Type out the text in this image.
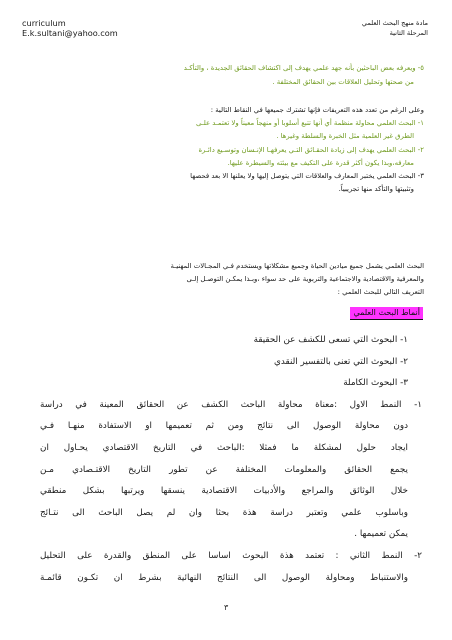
curriculum
E.k.sultani@yahoo.com
مادة منهج البحث العلمي
المرحلة الثانية
٥- ويعرفه بعض الباحثين بأنه جهد علمي يهدف إلى اكتشاف الحقائق الجديدة ، والتأكـد
من صحتها وتحليل العلاقات بين الحقائق المختلفة .
وعلى الرغم من تعدد هذه التعريفات فإنها تشترك جميعها في النقاط التالية :
١- البحث العلمي محاولة منظمة أي أنها تتبع أسلوبا أو منهجاً معيناً ولا تعتمـد علـى
الطرق غير العلمية مثل الخبرة والسلطة وغيرها .
٢- البحث العلمي يهدف إلى زيادة الحقـائق التـي يعرفهـا الإنـسان وتوسـيع دائـرة
معارفه،وبذا يكون أكثر قدرة على التكيف مع بيئته والسيطرة عليها.
٣- البحث العلمي يختبر المعارف والعلاقات التي يتوصل إليها ولا يعلنها الا بعد فحصها
وتثبيتها والتأكد منها تجريبياً.
البحث العلمي يشمل جميع ميادين الحياة وجميع مشكلاتها ويستخدم فـي المجـالات المهنيـة
والمعرفية والاقتصادية والاجتماعية والتربوية على حد سواء ،وبـذا يمكـن التوصـل إلـى
التعريف التالي للبحث العلمي :
أنماط البحث العلمي
١- البحوث التي تسعى للكشف عن الحقيقة
٢- البحوث التي تعنى بالتفسير النقدي
٣- البحوث الكاملة
١- النمط الاول :معناة محاولة الباحث الكشف عن الحقائق المعينة في دراسة
دون محاولة الوصول الى نتائج ومن ثم تعميمها او الاستفادة منهـا فـي
ايجاد حلول لمشكلة ما فمثلا :الباحث في التاريخ الاقتصادي يحـاول ان
يجمع الحقائق والمعلومات المختلفة عن تطور التاريخ الاقتـصادي مـن
خلال الوثائق والمراجع والأدبيات الاقتصادية ينسقها ويرتبها بشكل منطقي
وباسلوب علمي وتعتبر دراسة هذة بحثا وان لم يصل الباحث الى نتـائج
يمكن تعميمها .
٢- النمط الثاني : تعتمد هذة البحوث اساسا على المنطق والقدرة على التحليل
والاستنباط ومحاولة الوصول الى النتائج النهائية بشرط ان تكـون قائمـة
٣
